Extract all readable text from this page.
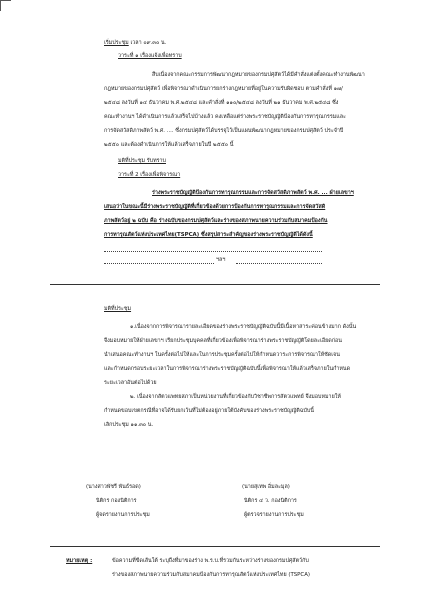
เริ่มประชุม เวลา ๐๙.๓๐ น.
วาระที่ ๑ เรื่องแจ้งเพื่อทราบ
สืบเนื่องจากคณะกรรมการพัฒนากฎหมายของกรมปศุสัตว์ได้มีคำสั่งแต่งตั้งคณะทำงานพัฒนา
กฎหมายของกรมปศุสัตว์ เพื่อพิจารณาดำเนินการยกร่างกฎหมายที่อยู่ในความรับผิดชอบ ตามคำสั่งที่ ๑๗/
๒๕๔๘ ลงวันที่ ๑๔ ธันวาคม พ.ศ.๒๕๔๘ และคำสั่งที่ ๑๑๐/๒๕๔๘ ลงวันที่ ๒๑ ธันวาคม พ.ศ.๒๕๔๘ ซึ่ง
คณะทำงานฯ ได้ดำเนินการแล้วเสร็จไปบ้างแล้ว คงเหลือแต่ร่างพระราชบัญญัติป้องกันการทารุณกรรมและ
การจัดสวัสดิภาพสัตว์ พ.ศ. .... ซึ่งกรมปศุสัตว์ได้บรรจุไว้เป็นแผนพัฒนากฎหมายของกรมปศุสัตว์ ประจำปี
๒๕๕๐ และต้องดำเนินการให้แล้วเสร็จภายในปี ๒๕๕๐ นี้
มติที่ประชุม รับทราบ
วาระที่ 2 เรื่องเพื่อพิจารณา
ร่างพระราชบัญญัติป้องกันการทารุณกรรมและการจัดสวัสดิภาพสัตว์ พ.ศ. ... ฝ่ายเลขาฯ
เสนอว่าในขณะนี้มีร่างพระราชบัญญัติที่เกี่ยวข้องด้วยการป้องกันการทารุณกรรมและการจัดสวัสดิ
ภาพสัตว์อยู่ ๒ ฉบับ คือ ร่างฉบับของกรมปศุสัตว์และร่างของสภาพนายความร่วมกับสมาคมป้องกัน
การทารุณสัตว์แห่งประเทศไทย(TSPCA) ซึ่งสรุปสาระสำคัญของร่างพระราชบัญญัติได้ดังนี้
ฯลฯ
มติที่ประชุม
๑.เนื่องจากการพิจารณารายละเอียดของร่างพระราชบัญญัติฉบับนี้มีเนื้อหาสาระค่อนข้างมาก ดังนั้น
จึงมอบหมายให้ฝ่ายเลขาฯ เรียกประชุมบุคคลที่เกี่ยวข้องเพื่อพิจารณาร่างพระราชบัญญัติโดยละเอียดก่อน
นำเสนอคณะทำงานฯ ในครั้งต่อไปให้และในการประชุมครั้งต่อไปให้กำหนดวาระการพิจารณาให้ชัดเจน
และกำหนดกรอบระยะเวลาในการพิจารณาร่างพระราชบัญญัติฉบับนี้เพื่อพิจารณาให้แล้วเสร็จภายในกำหนด
ระยะเวลาอันต่อไปด้วย
๒. เนื่องจากสัตวแพทยสภาเป็นหน่วยงานที่เกี่ยวข้องกับวิชาชีพการสัตวแพทย์ จึงมอบหมายให้
กำหนดขอบเขตกรณีที่อาจได้รับยกเว้นที่ไม่ต้องอยู่ภายใต้บังคับของร่างพระราชบัญญัติฉบับนี้
เลิกประชุม ๑๑.๓๐ น.
(นางสาวพัชรี พันธ์รอด)
นิติกร กองนิติการ
ผู้จดรายงานการประชุม
(นายสุเทพ อิ่มละมุล)
นิติกร ๔ ว. กองนิติการ
ผู้ตรวจรายงานการประชุม
หมายเหตุ :	ข้อความที่ขีดเส้นใต้ ระบุถึงที่มาของร่าง พ.ร.บ.ที่รวมกันระหว่างร่างของกรมปศุสัตว์กับ
ร่างของสภาพนายความร่วมกับสมาคมป้องกันการทารุณสัตว์แห่งประเทศไทย (TSPCA)
